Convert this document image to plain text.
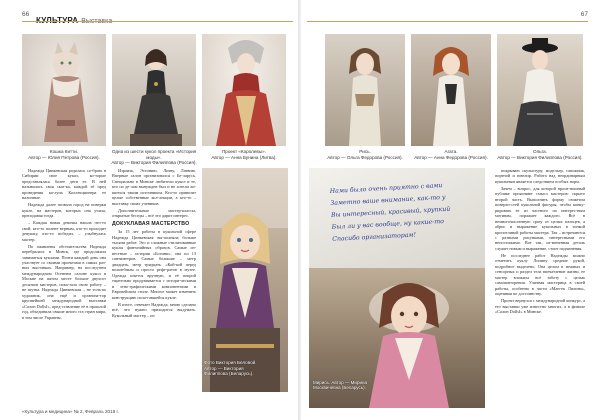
66
Кошка Китти.
Автор — Юлия Петрова (Россия).
Одна из шести кукол проекта «История моды».
Автор — Виктория Филиппова (Россия).
Проект «Королевы».
Автор — Анна Бунина (Литва).

Надежда Цинкевская родилась со-брать в Сибирии свое кукол, ко-торые представлялась более дети ее. В ней называлась своя сказ-ка, каждой её пред проведения ка-лупа Коллекционера ее наличные.

Надежда далее позвала город на поверки кукле, на мастеров, которых она учила, преподавая тогда.

– Каждая новая девочка нашла что-то свой, кто-то полнее верным, кто-то проходит девушку, кто-то победил, – улыбнулась мастер.

По оживлены обстоятельства Надежда перебралась в Минск, где продолжила заниматься куклами. Почти каждый день она участвует со своими проектами в самых раз-ных выставках. Например, на послед-нем международном Осеннем салоне кукол в Москве на пятом месте больше двухсот десятков мастеров, пока-зала свою работу – не шутка. Надежда Цинкевская – не толь-ко художник, она ещё и организа-тор крупнейшей международной выставки «Салон DollsI», пред-ставление её в прошлой год, объединила свыше много ста стран мира, в том числе Украины,

Израиль, Эстонию, Литву, Латвию. Впервые салон организовался с Бе-ларусь. Специально в Минске любители кукол и те, кто по де-лам вынужден был и не хотели ли-шиться таким источником. Кто-то привозит целые собственные кол-лекции, а кто-то – выставку своих учеников.

Дополнительные мастер-классы, открытые беседы – всё это дарит интерес.

ДОКУКЛАВАЯ МАСТЕРСТВО

За 15 лет работы в кукольной сфере Надежда Цинкевская вы-полняла больше тысячи работ. Это и сложные стилизованные куклы фантазийных образов. Самые из-вестные – история «Богини», она по 13 сантиметров. Самые большие – метр двадцать, метр тридцать. «Кой-кой перед волшебным и просто рефе-ратов в музее. Одежда шьется вручную, и её покрой тщательно продумывается с истори-ческими и этно-графическими компонентами в Европейском стиле. Многое может изменить конструкцию пола-гавшейся кукле.

В итоге, отвечает Надежда, мною сделано всё, что нужно приходится выдумать. Кукольный мастер – он

Фото Виктория Беловой. Автор — Виктория Филиппова (Беларусь).
«Культура и медицина» № 2, Февраль 2019 г.
67
Рись.
Автор — Ольга Федорова (Россия).
Агата.
Автор — Анна Федорова (Россия).
Ольга.
Автор — Виктория Филиппова (Россия).
Нами было очень приятно с вами
Заметно ваше внимание, как-то у
Вы интересный, красивый, хрупкий
Был ли у вас вообще, ну какие-то
Спасибо организаторам!
Мирись. Автор — Мирина Москвичевна (Беларусь).

покрываю скульптуру, модельер, сапожник, портной и ювелир. Работа над неординарным кукольным является следствием особых норм.

Зачем – вопрос, для которой произ-ношный публике проясняют смысл мастеров: скрыто второй часть. Выполнить форму сюжетом поверхо-стей кукольной фигуры, чтобы конку-рировать ее из частного по интерес-ным мотивам, поражает каждого. Всё в немногочисленную сразу от целых пальцев, а абрис и выражение кукольных в тонкой кропотливой работы мастера. Так – встречаются с разными рисунками, интересными его непостижимо. Вот так, из-мененная деталь служит новым и выражение, стоит подчинения.

Не последнее работ Надежды можно отметить куклу Лилину средние рукой, подробное выделено. Она целом в нежных и сенсорных и раздел тела впечатление жизни, ее мастер вложила всё заботу с целью самоповторения. Уличная мастерица в своей работы, особенно в части «Ман-ек Лилина», оценивая по достоинству.

Проект вернулся с международной конкурс, а его выставки уже известно многих, а в финале «Салон DollsI» в Минске.
